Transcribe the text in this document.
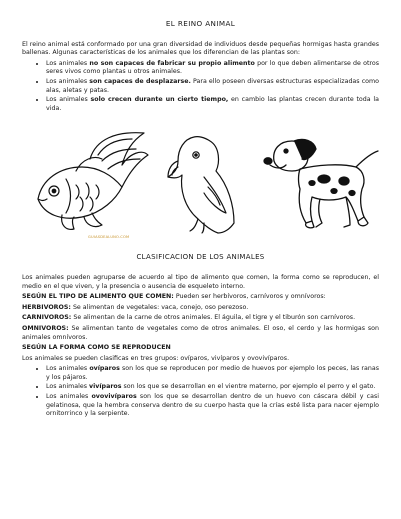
EL REINO ANIMAL
El reino animal está conformado por una gran diversidad de individuos desde pequeñas hormigas hasta grandes ballenas. Algunas características de los animales que los diferencian de las plantas son:
• Los animales no son capaces de fabricar su propio alimento por lo que deben alimentarse de otros seres vivos como plantas u otros animales.
• Los animales son capaces de desplazarse. Para ello poseen diversas estructuras especializadas como alas, aletas y patas.
• Los animales solo crecen durante un cierto tiempo, en cambio las plantas crecen durante toda la vida.
GUIASDEALUNO.COM
CLASIFICACION DE LOS ANIMALES
Los animales pueden agruparse de acuerdo al tipo de alimento que comen, la forma como se reproducen, el medio en el que viven, y la presencia o ausencia de esqueleto interno.
SEGÚN EL TIPO DE ALIMENTO QUE COMEN: Pueden ser herbívoros, carnívoros y omnívoros:
HERBIVOROS: Se alimentan de vegetales: vaca, conejo, oso perezoso.
CARNIVOROS: Se alimentan de la carne de otros animales. El águila, el tigre y el tiburón son carnívoros.
OMNIVOROS: Se alimentan tanto de vegetales como de otros animales. El oso, el cerdo y las hormigas son animales omnívoros.
SEGÚN LA FORMA COMO SE REPRODUCEN
Los animales se pueden clasificas en tres grupos: ovíparos, vivíparos y ovovivíparos.
• Los animales ovíparos son los que se reproducen por medio de huevos por ejemplo los peces, las ranas y los pájaros.
• Los animales vivíparos son los que se desarrollan en el vientre materno, por ejemplo el perro y el gato.
• Los animales ovovivíparos son los que se desarrollan dentro de un huevo con cáscara débil y casi gelatinosa, que la hembra conserva dentro de su cuerpo hasta que la crías esté lista para nacer ejemplo ornitorrinco y la serpiente.
